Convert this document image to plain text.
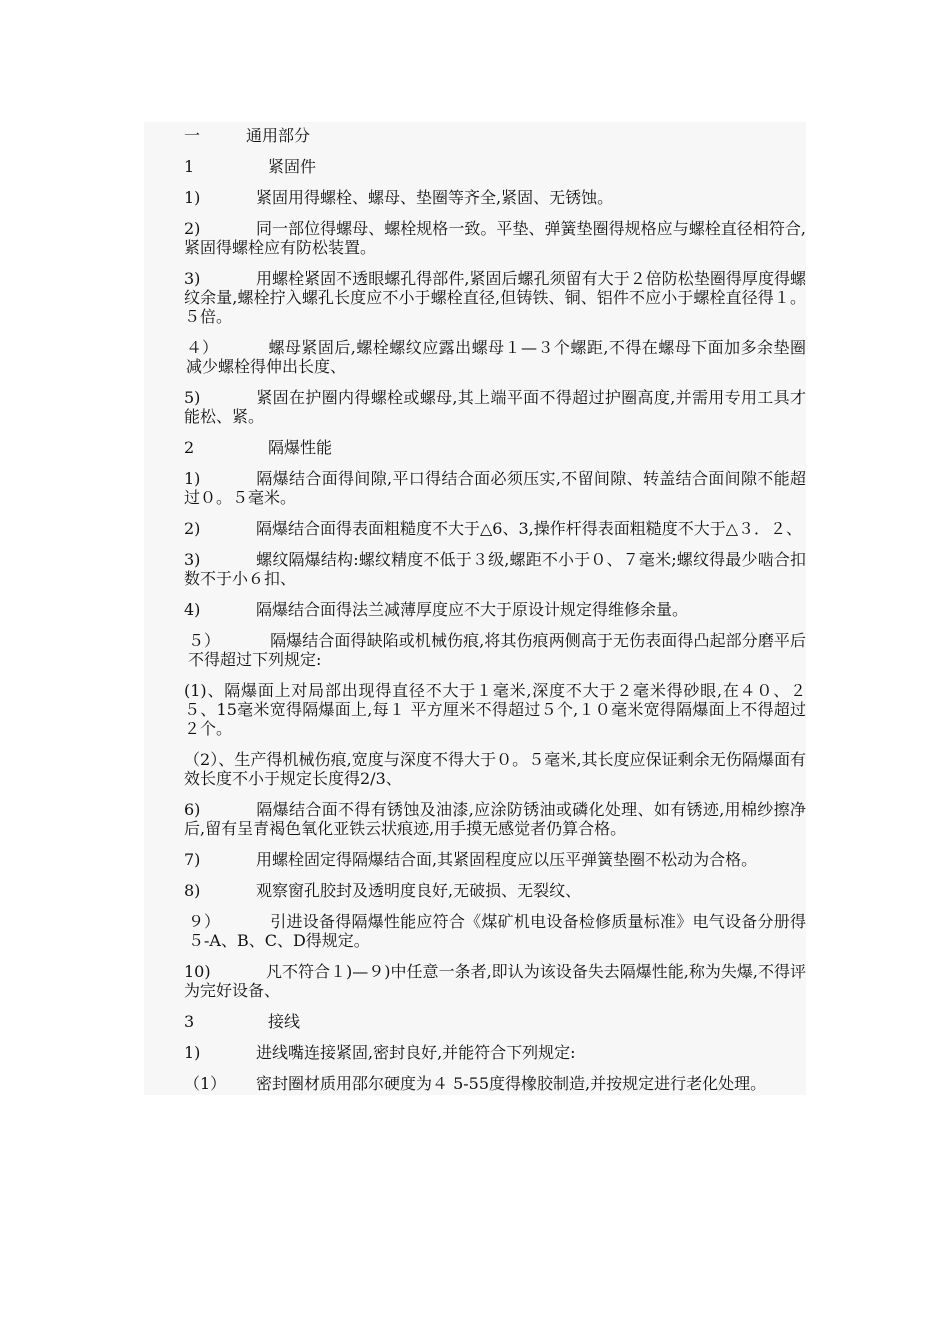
一	通用部分

1	紧固件

1)	紧固用得螺栓、螺母、垫圈等齐全,紧固、无锈蚀。

2)	同一部位得螺母、螺栓规格一致。平垫、弹簧垫圈得规格应与螺栓直径相符合,紧固得螺栓应有防松装置。

3)	用螺栓紧固不透眼螺孔得部件,紧固后螺孔须留有大于２倍防松垫圈得厚度得螺纹余量,螺栓拧入螺孔长度应不小于螺栓直径,但铸铁、铜、铝件不应小于螺栓直径得１。５倍。

４）	螺母紧固后,螺栓螺纹应露出螺母１—３个螺距,不得在螺母下面加多余垫圈减少螺栓得伸出长度、

5)	紧固在护圈内得螺栓或螺母,其上端平面不得超过护圈高度,并需用专用工具才能松、紧。

2	隔爆性能

1)	隔爆结合面得间隙,平口得结合面必须压实,不留间隙、转盖结合面间隙不能超过０。５毫米。

2)	隔爆结合面得表面粗糙度不大于△6、3,操作杆得表面粗糙度不大于△３．２、

3)	螺纹隔爆结构:螺纹精度不低于３级,螺距不小于０、７毫米;螺纹得最少啮合扣数不于小６扣、

4)	隔爆结合面得法兰减薄厚度应不大于原设计规定得维修余量。

５）	隔爆结合面得缺陷或机械伤痕,将其伤痕两侧高于无伤表面得凸起部分磨平后不得超过下列规定:

(1)、隔爆面上对局部出现得直径不大于１毫米,深度不大于２毫米得砂眼,在４０、２５、15毫米宽得隔爆面上,每１ 平方厘米不得超过５个,１０毫米宽得隔爆面上不得超过２个。

（2）、生产得机械伤痕,宽度与深度不得大于０。５毫米,其长度应保证剩余无伤隔爆面有效长度不小于规定长度得2/3、

6)	隔爆结合面不得有锈蚀及油漆,应涂防锈油或磷化处理、如有锈迹,用棉纱擦净后,留有呈青褐色氧化亚铁云状痕迹,用手摸无感觉者仍算合格。

7)	用螺栓固定得隔爆结合面,其紧固程度应以压平弹簧垫圈不松动为合格。

8)	观察窗孔胶封及透明度良好,无破损、无裂纹、

９）	引进设备得隔爆性能应符合《煤矿机电设备检修质量标准》电气设备分册得５-A、B、C、D得规定。

10)	凡不符合１)—９)中任意一条者,即认为该设备失去隔爆性能,称为失爆,不得评为完好设备、

3	接线

1)	进线嘴连接紧固,密封良好,并能符合下列规定:

（1） 密封圈材质用邵尔硬度为４ 5-55度得橡胶制造,并按规定进行老化处理。
